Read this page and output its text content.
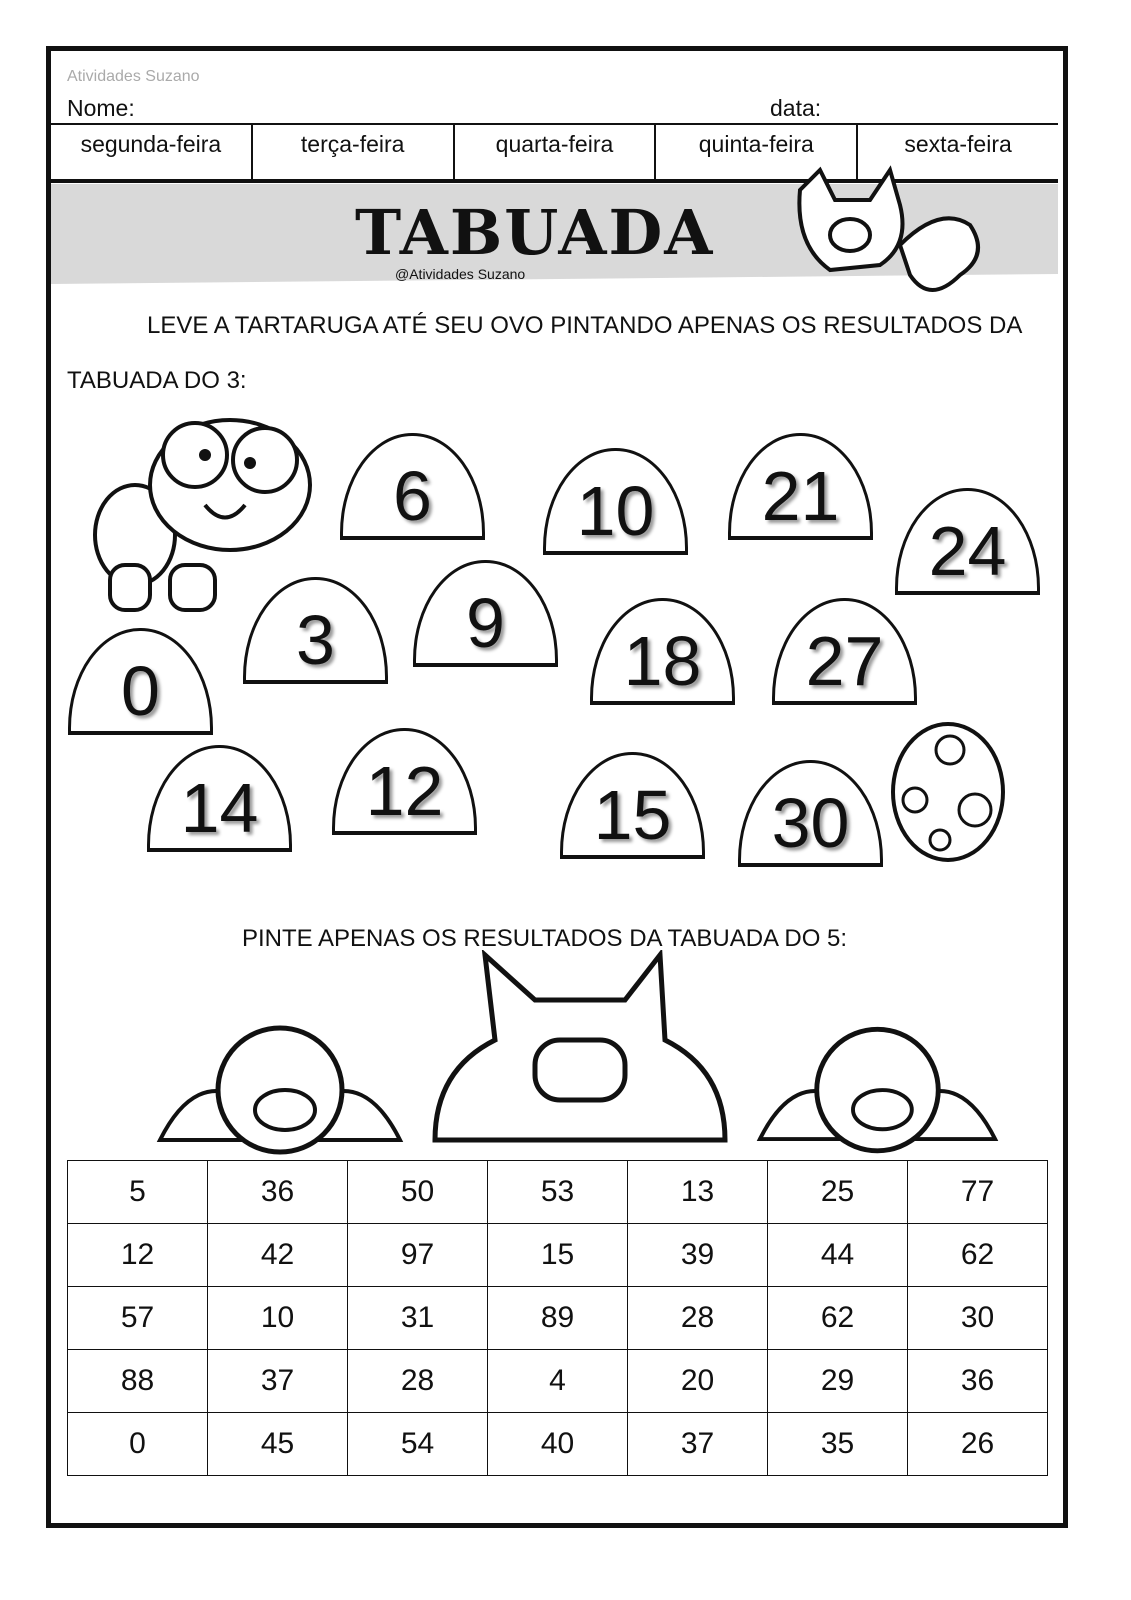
Atividades Suzano
Nome:	data:
segunda-feira	terça-feira	quarta-feira	quinta-feira	sexta-feira
TABUADA
@Atividades Suzano
LEVE A TARTARUGA ATÉ SEU OVO PINTANDO APENAS OS RESULTADOS DA
TABUADA DO 3:
6	10	21
24
3	9	18	27
0
14	12	15	30
PINTE APENAS OS RESULTADOS DA TABUADA DO 5:
5	36	50	53	13	25	77
12	42	97	15	39	44	62
57	10	31	89	28	62	30
88	37	28	4	20	29	36
0	45	54	40	37	35	26
